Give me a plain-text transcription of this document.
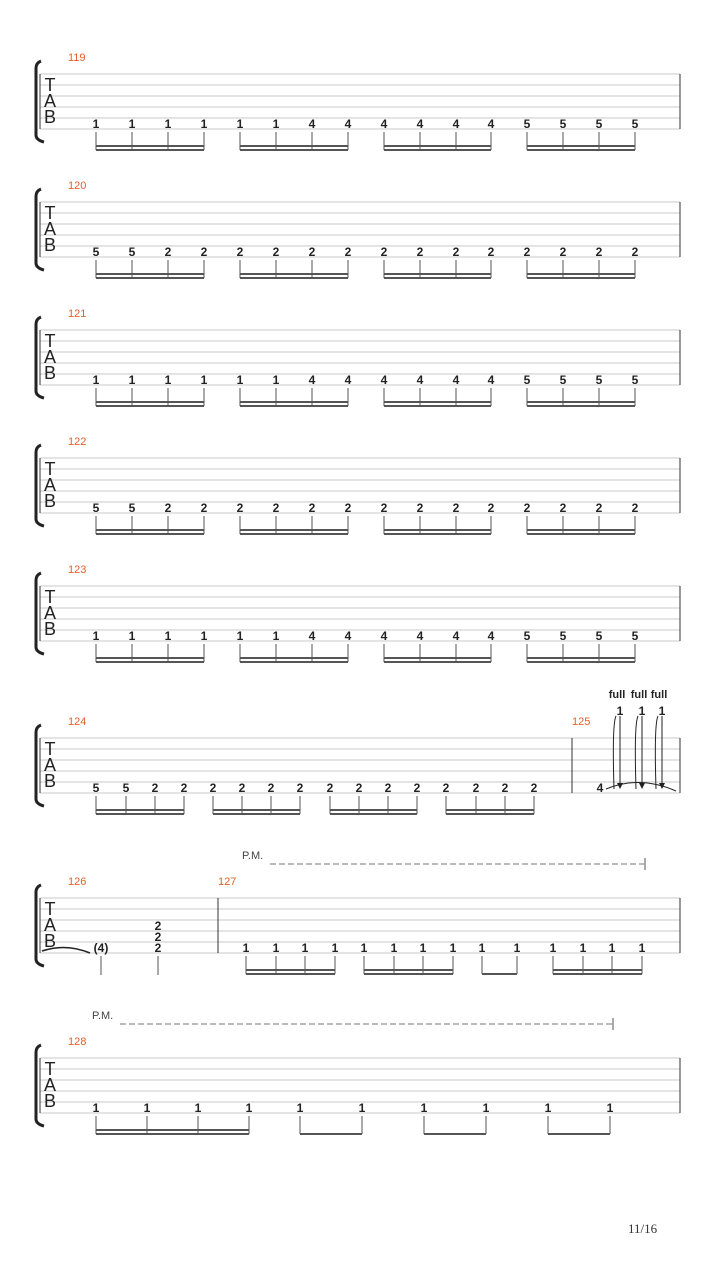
T
A
B
119
1 1 1 1 1 1 4 4 4 4 4 4 5 5 5 5
T
A
B
120
5 5 2 2 2 2 2 2 2 2 2 2 2 2 2 2
T
A
B
121
1 1 1 1 1 1 4 4 4 4 4 4 5 5 5 5
T
A
B
122
5 5 2 2 2 2 2 2 2 2 2 2 2 2 2 2
T
A
B
123
1 1 1 1 1 1 4 4 4 4 4 4 5 5 5 5
T
A
B
124
5 5 2 2 2 2 2 2 2 2 2 2 2 2 2 2
125
4
full
1
full
1
full
1
T
A
B
P.M.
126
(4)
2
2
2
127
1 1 1 1 1 1 1 1 1 1 1 1 1 1
T
A
B
P.M.
128
1	1	1	1	1	1	1	1	1	1
11/16
